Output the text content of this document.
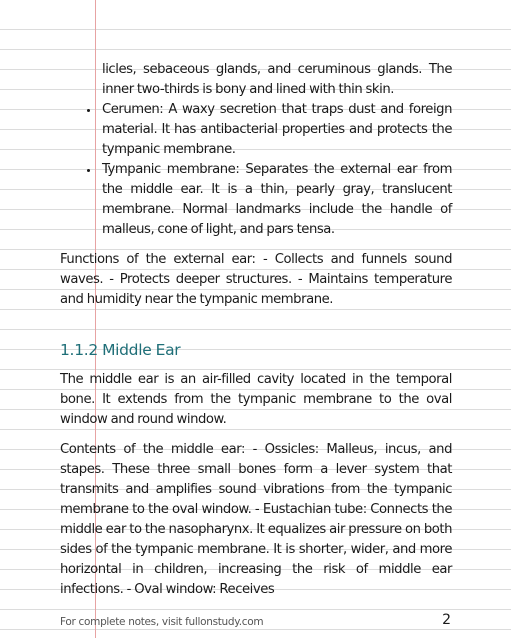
licles, sebaceous glands, and ceruminous glands. The inner two-thirds is bony and lined with thin skin.
Cerumen: A waxy secretion that traps dust and foreign material. It has antibacterial properties and protects the tympanic membrane.
Tympanic membrane: Separates the external ear from the middle ear. It is a thin, pearly gray, translucent membrane. Normal landmarks include the handle of malleus, cone of light, and pars tensa.

Functions of the external ear: - Collects and funnels sound waves. - Protects deeper structures. - Maintains temperature and humidity near the tympanic membrane.

1.1.2 Middle Ear

The middle ear is an air-filled cavity located in the temporal bone. It extends from the tympanic membrane to the oval window and round window.

Contents of the middle ear: - Ossicles: Malleus, incus, and stapes. These three small bones form a lever system that transmits and amplifies sound vibrations from the tympanic membrane to the oval window. - Eustachian tube: Connects the middle ear to the nasopharynx. It equalizes air pressure on both sides of the tympanic membrane. It is shorter, wider, and more horizontal in children, increasing the risk of middle ear infections. - Oval window: Receives

For complete notes, visit fullonstudy.com	2
